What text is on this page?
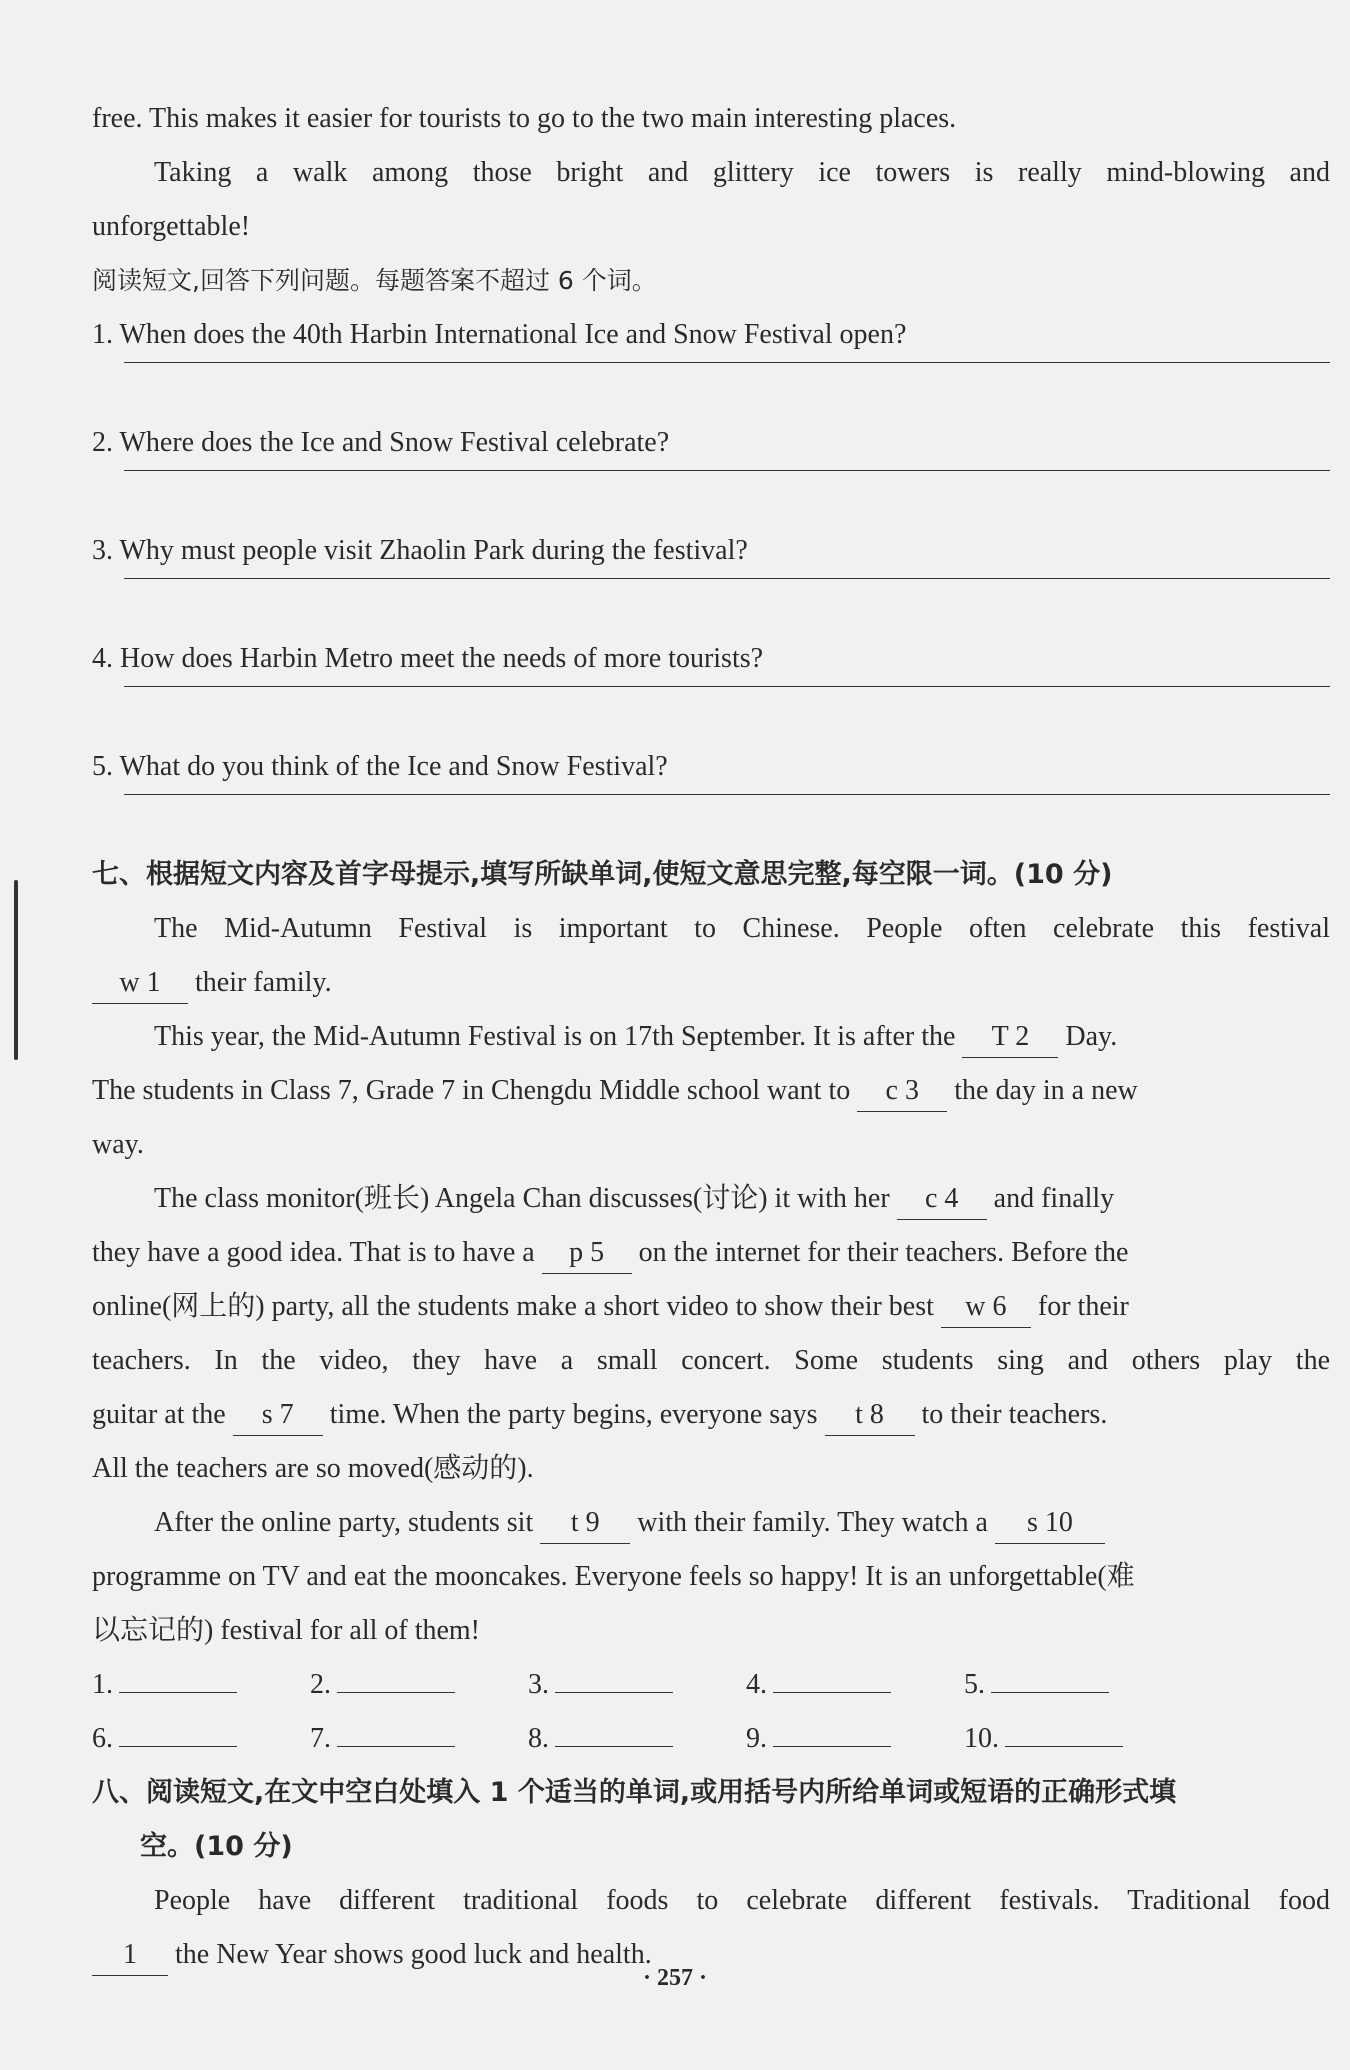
free. This makes it easier for tourists to go to the two main interesting places.
Taking a walk among those bright and glittery ice towers is really mind-blowing and
unforgettable!
阅读短文,回答下列问题。每题答案不超过 6 个词。
1. When does the 40th Harbin International Ice and Snow Festival open?
2. Where does the Ice and Snow Festival celebrate?
3. Why must people visit Zhaolin Park during the festival?
4. How does Harbin Metro meet the needs of more tourists?
5. What do you think of the Ice and Snow Festival?
七、根据短文内容及首字母提示,填写所缺单词,使短文意思完整,每空限一词。(10 分)
The Mid-Autumn Festival is important to Chinese. People often celebrate this festival
w 1 their family.
This year, the Mid-Autumn Festival is on 17th September. It is after the T 2 Day.
The students in Class 7, Grade 7 in Chengdu Middle school want to c 3 the day in a new
way.
The class monitor(班长) Angela Chan discusses(讨论) it with her c 4 and finally
they have a good idea. That is to have a p 5 on the internet for their teachers. Before the
online(网上的) party, all the students make a short video to show their best w 6 for their
teachers. In the video, they have a small concert. Some students sing and others play the
guitar at the s 7 time. When the party begins, everyone says t 8 to their teachers.
All the teachers are so moved(感动的).
After the online party, students sit t 9 with their family. They watch a s 10
programme on TV and eat the mooncakes. Everyone feels so happy! It is an unforgettable(难
以忘记的) festival for all of them!
1.	2.	3.	4.	5.
6.	7.	8.	9.	10.
八、阅读短文,在文中空白处填入 1 个适当的单词,或用括号内所给单词或短语的正确形式填
空。(10 分)
People have different traditional foods to celebrate different festivals. Traditional food
1 the New Year shows good luck and health.
· 257 ·
